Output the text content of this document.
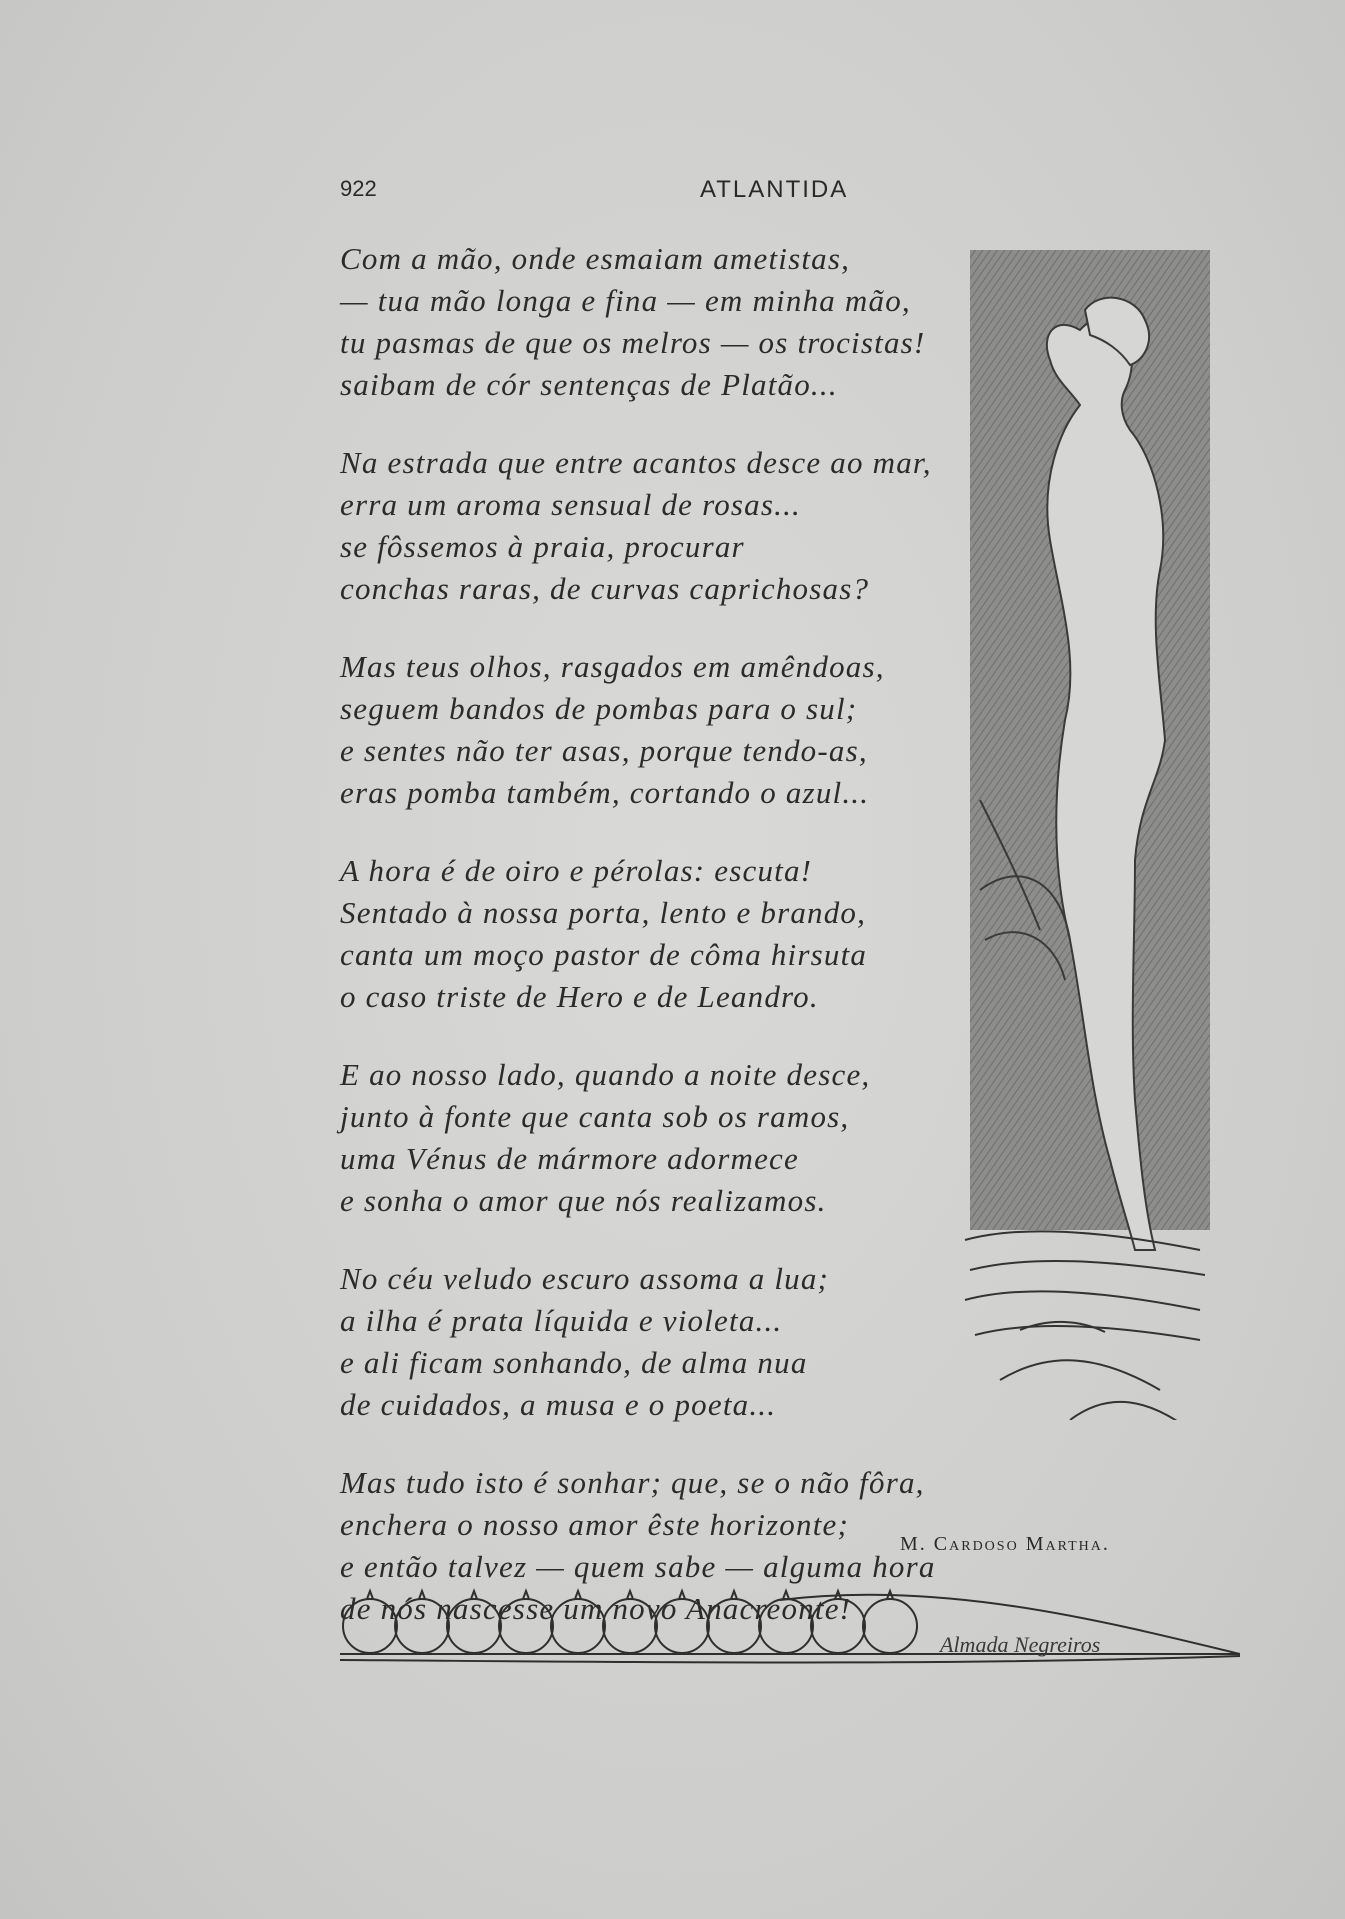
922	ATLANTIDA
Com a mão, onde esmaiam ametistas,
— tua mão longa e fina — em minha mão,
tu pasmas de que os melros — os trocistas!
saibam de cór sentenças de Platão...
Na estrada que entre acantos desce ao mar,
erra um aroma sensual de rosas...
se fôssemos à praia, procurar
conchas raras, de curvas caprichosas?
Mas teus olhos, rasgados em amêndoas,
seguem bandos de pombas para o sul;
e sentes não ter asas, porque tendo-as,
eras pomba também, cortando o azul...
A hora é de oiro e pérolas: escuta!
Sentado à nossa porta, lento e brando,
canta um moço pastor de côma hirsuta
o caso triste de Hero e de Leandro.
E ao nosso lado, quando a noite desce,
junto à fonte que canta sob os ramos,
uma Vénus de mármore adormece
e sonha o amor que nós realizamos.
No céu veludo escuro assoma a lua;
a ilha é prata líquida e violeta...
e ali ficam sonhando, de alma nua
de cuidados, a musa e o poeta...
Mas tudo isto é sonhar; que, se o não fôra,
enchera o nosso amor êste horizonte;
e então talvez — quem sabe — alguma hora
de nós nascesse um novo Anacreonte!
M. Cardoso Martha.
Almada Negreiros
